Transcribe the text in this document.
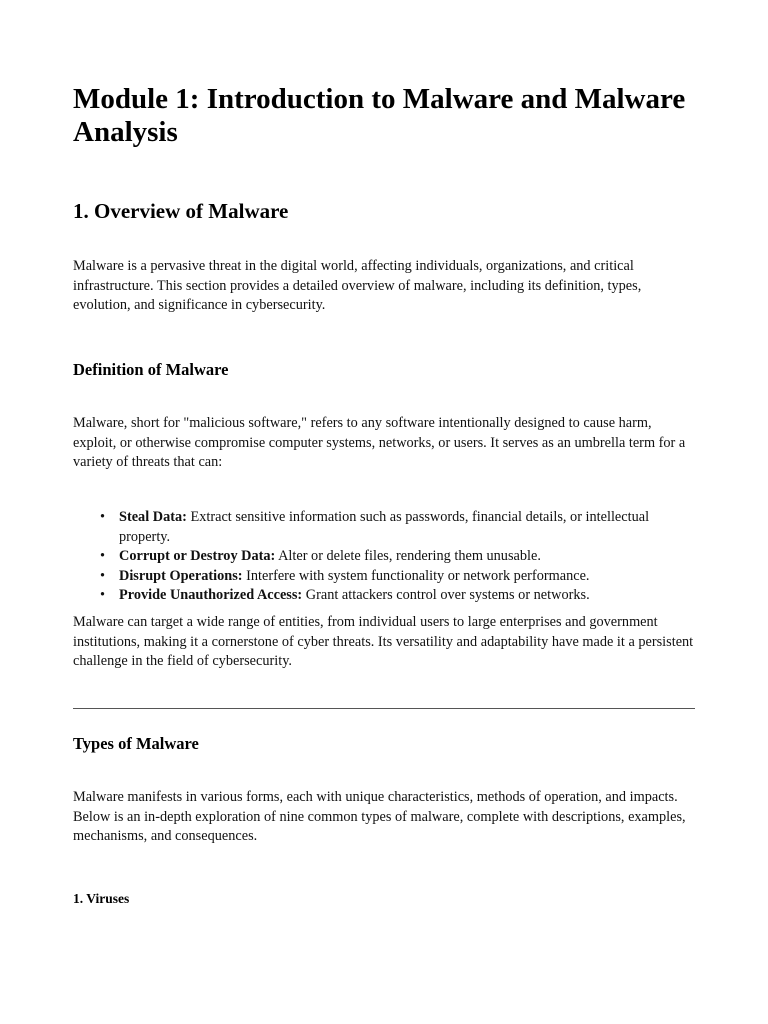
Module 1: Introduction to Malware and Malware Analysis
1. Overview of Malware

Malware is a pervasive threat in the digital world, affecting individuals, organizations, and critical infrastructure. This section provides a detailed overview of malware, including its definition, types, evolution, and significance in cybersecurity.

Definition of Malware

Malware, short for "malicious software," refers to any software intentionally designed to cause harm, exploit, or otherwise compromise computer systems, networks, or users. It serves as an umbrella term for a variety of threats that can:

• Steal Data: Extract sensitive information such as passwords, financial details, or intellectual property.
• Corrupt or Destroy Data: Alter or delete files, rendering them unusable.
• Disrupt Operations: Interfere with system functionality or network performance.
• Provide Unauthorized Access: Grant attackers control over systems or networks.

Malware can target a wide range of entities, from individual users to large enterprises and government institutions, making it a cornerstone of cyber threats. Its versatility and adaptability have made it a persistent challenge in the field of cybersecurity.

Types of Malware

Malware manifests in various forms, each with unique characteristics, methods of operation, and impacts. Below is an in-depth exploration of nine common types of malware, complete with descriptions, examples, mechanisms, and consequences.

1. Viruses
